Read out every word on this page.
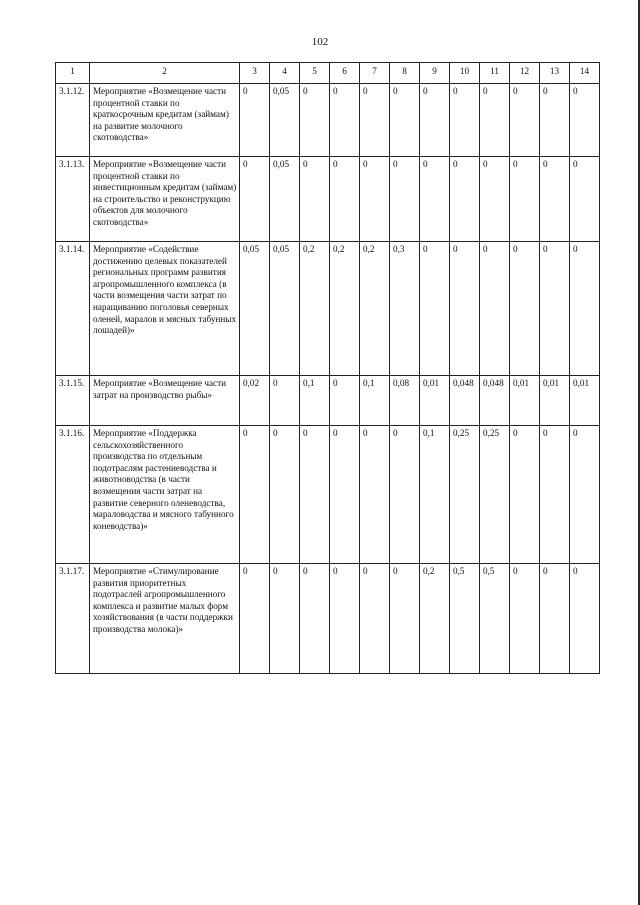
102
1	2	3	4	5	6	7	8	9	10	11	12	13	14
3.1.12.	Мероприятие «Возмещение части процентной ставки по краткосрочным кредитам (займам) на развитие молочного скотоводства»	0	0,05	0	0	0	0	0	0	0	0	0	0
3.1.13.	Мероприятие «Возмещение части процентной ставки по инвестиционным кредитам (займам) на строительство и реконструкцию объектов для молочного скотоводства»	0	0,05	0	0	0	0	0	0	0	0	0	0
3.1.14.	Мероприятие «Содействие достижению целевых показателей региональных программ развития агропромышленного комплекса (в части возмещения части затрат по наращиванию поголовья северных оленей, маралов и мясных табунных лошадей)»	0,05	0,05	0,2	0,2	0,2	0,3	0	0	0	0	0	0
3.1.15.	Мероприятие «Возмещение части затрат на производство рыбы»	0,02	0	0,1	0	0,1	0,08	0,01	0,048	0,048	0,01	0,01	0,01
3.1.16.	Мероприятие «Поддержка сельскохозяйственного производства по отдельным подотраслям растениеводства и животноводства (в части возмещения части затрат на развитие северного оленеводства, мараловодства и мясного табунного коневодства)»	0	0	0	0	0	0	0,1	0,25	0,25	0	0	0
3.1.17.	Мероприятие «Стимулирование развития приоритетных подотраслей агропромышленного комплекса и развитие малых форм хозяйствования (в части поддержки производства молока)»	0	0	0	0	0	0	0,2	0,5	0,5	0	0	0
